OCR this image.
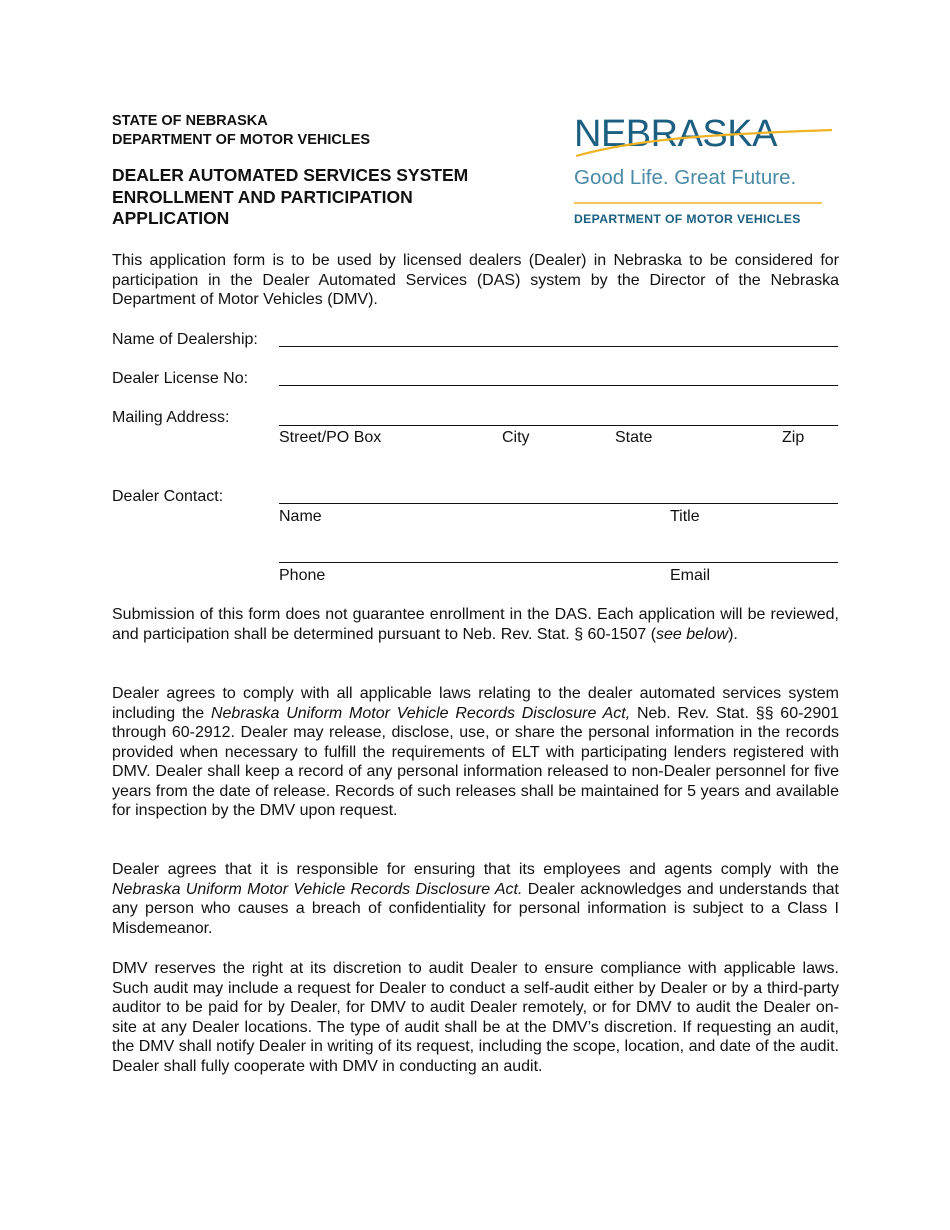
STATE OF NEBRASKA
DEPARTMENT OF MOTOR VEHICLES
DEALER AUTOMATED SERVICES SYSTEM
ENROLLMENT AND PARTICIPATION
APPLICATION
NEBRASKA
Good Life. Great Future.
DEPARTMENT OF MOTOR VEHICLES
This application form is to be used by licensed dealers (Dealer) in Nebraska to be considered for participation in the Dealer Automated Services (DAS) system by the Director of the Nebraska Department of Motor Vehicles (DMV).
Name of Dealership:
Dealer License No:
Mailing Address:
Street/PO Box	City	State	Zip
Dealer Contact:
Name	Title
Phone	Email
Submission of this form does not guarantee enrollment in the DAS. Each application will be reviewed, and participation shall be determined pursuant to Neb. Rev. Stat. § 60-1507 (see below).
Dealer agrees to comply with all applicable laws relating to the dealer automated services system including the Nebraska Uniform Motor Vehicle Records Disclosure Act, Neb. Rev. Stat. §§ 60-2901 through 60-2912. Dealer may release, disclose, use, or share the personal information in the records provided when necessary to fulfill the requirements of ELT with participating lenders registered with DMV. Dealer shall keep a record of any personal information released to non-Dealer personnel for five years from the date of release. Records of such releases shall be maintained for 5 years and available for inspection by the DMV upon request.
Dealer agrees that it is responsible for ensuring that its employees and agents comply with the Nebraska Uniform Motor Vehicle Records Disclosure Act. Dealer acknowledges and understands that any person who causes a breach of confidentiality for personal information is subject to a Class I Misdemeanor.
DMV reserves the right at its discretion to audit Dealer to ensure compliance with applicable laws. Such audit may include a request for Dealer to conduct a self-audit either by Dealer or by a third-party auditor to be paid for by Dealer, for DMV to audit Dealer remotely, or for DMV to audit the Dealer on-site at any Dealer locations. The type of audit shall be at the DMV’s discretion. If requesting an audit, the DMV shall notify Dealer in writing of its request, including the scope, location, and date of the audit. Dealer shall fully cooperate with DMV in conducting an audit.
